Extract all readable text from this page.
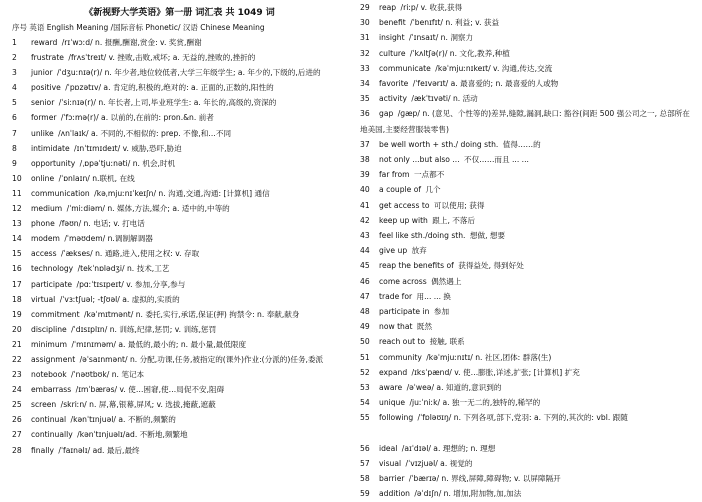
《新视野大学英语》第一册 词汇表 共 1049 词
序号 英语 English Meaning /国际音标 Phonetic/ 汉语 Chinese Meaning
1 reward /rɪˈwɔːd/ n. 报酬,酬谢,赏金: v. 奖赏,酬谢
2 frustrate /frʌsˈtreɪt/ v. 挫败,击败,戒坏; a. 无益的,挫败的,挫折的
3 junior /ˈdʒuːnɪə(r)/ n. 年少者,地位较低者,大学三年级学生; a. 年少的,下级的,后进的
4 positive /ˈpɒzətɪv/ a. 肯定的,积极的,绝对的: a. 正面的,正数的,阳性的
5 senior /ˈsiːnɪə(r)/ n. 年长者,上司,毕业班学生: a. 年长的,高级的,资深的
6 former /ˈfɔːmə(r)/ a. 以前的,在前的: pron.&n. 前者
7 unlike /ʌnˈlaɪk/ a. 不同的,不相似的: prep. 不像,和…不同
8 intimidate /ɪnˈtɪmɪdeɪt/ v. 威胁,恐吓,胁迫
9 opportunity /ˌɒpəˈtjuːnəti/ n. 机会,时机
10 online /ˈɒnlaɪn/ n.联机, 在线
11 communication /kəˌmjuːnɪˈkeɪʃn/ n. 沟通,交通,沟通: [计算机] 通信
12 medium /ˈmiːdiəm/ n. 媒体,方法,媒介; a. 适中的,中等的
13 phone /fəʊn/ n. 电话; v. 打电话
14 modem /ˈməʊdem/ n.调制解调器
15 access /ˈækses/ n. 通路,进入,使用之权: v. 存取
16 technology /tekˈnɒlədʒi/ n. 技术,工艺
17 participate /pɑːˈtɪsɪpeɪt/ v. 参加,分享,参与
18 virtual /ˈvɜːtʃuəl; -tʃʊəl/ a. 虚拟的,实质的
19 commitment /kəˈmɪtmənt/ n. 委托,实行,承诺,保证(押) 拘禁令: n. 奉献,献身
20 discipline /ˈdɪsɪplɪn/ n. 训练,纪律,惩罚; v. 训练,惩罚
21 minimum /ˈmɪnɪməm/ a. 最低的,最小的; n. 最小量,最低限度
22 assignment /əˈsaɪnmənt/ n. 分配,功课,任务,被指定的(课外)作业:(分派的)任务,委派
23 notebook /ˈnəʊtbʊk/ n. 笔记本
24 embarrass /ɪmˈbærəs/ v. 使…困窘,使…局促不安,阻碍
25 screen /skriːn/ n. 屏,幕,银幕,屏风; v. 选拔,掩蔽,遮蔽
26 continual /kənˈtɪnjuəl/ a. 不断的,频繁的
27 continually /kənˈtɪnjuəlɪ/ad. 不断地,频繁地
28 finally /ˈfaɪnəlɪ/ ad. 最后,最终
29 reap /riːp/ v. 收获,获得
30 benefit /ˈbenɪfɪt/ n. 利益; v. 获益
31 insight /ˈɪnsaɪt/ n. 洞察力
32 culture /ˈkʌltʃə(r)/ n. 文化,教养,种植
33 communicate /kəˈmjuːnɪkeɪt/ v. 沟通,传达,交流
34 favorite /ˈfeɪvərɪt/ a. 最喜爱的; n. 最喜爱的人或物
35 activity /ækˈtɪvəti/ n. 活动
36 gap /ɡæp/ n. (意见、个性等的)差异,缝隙,漏洞,缺口: 豁谷(间距 500 强公司之一, 总部所在地美国,主要经营服装零售)
37 be well worth + sth./ doing sth. 值得……的
38 not only ...but also ... 不仅……而且 ... ...
39 far from 一点都不
40 a couple of 几个
41 get access to 可以使用; 获得
42 keep up with 跟上, 不落后
43 feel like sth./doing sth. 想做, 想要
44 give up 放弃
45 reap the benefits of 获得益处, 得到好处
46 come across 偶然遇上
47 trade for 用... ... 换
48 participate in 参加
49 now that 既然
50 reach out to 接触, 联系
51 community /kəˈmjuːnɪtɪ/ n. 社区,团体: 群落(生)
52 expand /ɪksˈpænd/ v. 使…膨胀,详述,扩张; [计算机] 扩充
53 aware /əˈweə/ a. 知道的,意识到的
54 unique /juːˈniːk/ a. 独一无二的,独特的,稀罕的
55 following /ˈfɒləʊɪŋ/ n. 下列各项,部下,党羽: a. 下列的,其次的: vbl. 跟随
56 ideal /aɪˈdɪəl/ a. 理想的; n. 理想
57 visual /ˈvɪzjuəl/ a. 视觉的
58 barrier /ˈbærɪə/ n. 界线,屏障,障碍物; v. 以屏障隔开
59 addition /əˈdɪʃn/ n. 增加,附加物,加,加法
